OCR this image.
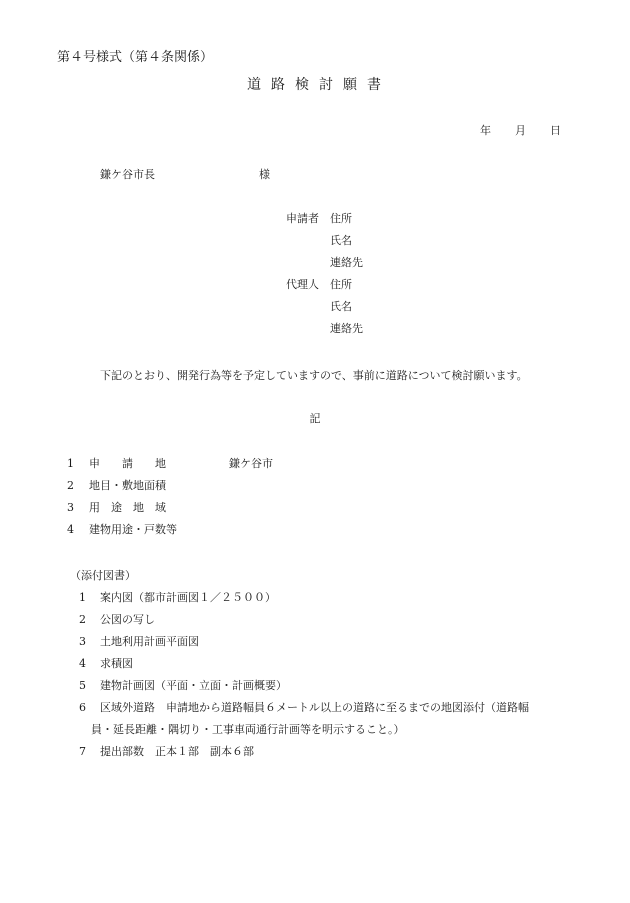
第４号様式（第４条関係）
道路検討願書
年 月 日
鎌ケ谷市長	様
申請者 住所
氏名
連絡先
代理人 住所
氏名
連絡先
下記のとおり、開発行為等を予定していますので、事前に道路について検討願います。
記
1 申　　請　　地	鎌ケ谷市
2 地目・敷地面積
3 用　途　地　域
4 建物用途・戸数等
（添付図書）
1 案内図（都市計画図１／２５００）
2 公図の写し
3 土地利用計画平面図
4 求積図
5 建物計画図（平面・立面・計画概要）
6 区域外道路　申請地から道路幅員６メートル以上の道路に至るまでの地図添付（道路幅
員・延長距離・隅切り・工事車両通行計画等を明示すること。）
7 提出部数　正本１部　副本６部
